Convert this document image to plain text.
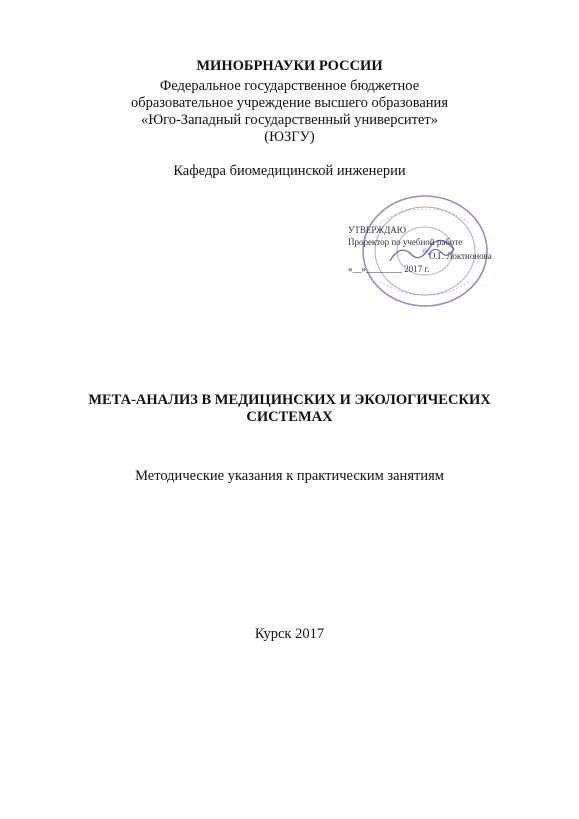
МИНОБРНАУКИ РОССИИ
Федеральное государственное бюджетное
образовательное учреждение высшего образования
«Юго-Западный государственный университет»
(ЮЗГУ)
Кафедра биомедицинской инженерии
УТВЕРЖДАЮ
Проректор по учебной работе
О.Г. Локтионова
«__»________ 2017 г.
МЕТА-АНАЛИЗ В МЕДИЦИНСКИХ И ЭКОЛОГИЧЕСКИХ
СИСТЕМАХ
Методические указания к практическим занятиям
Курск 2017
